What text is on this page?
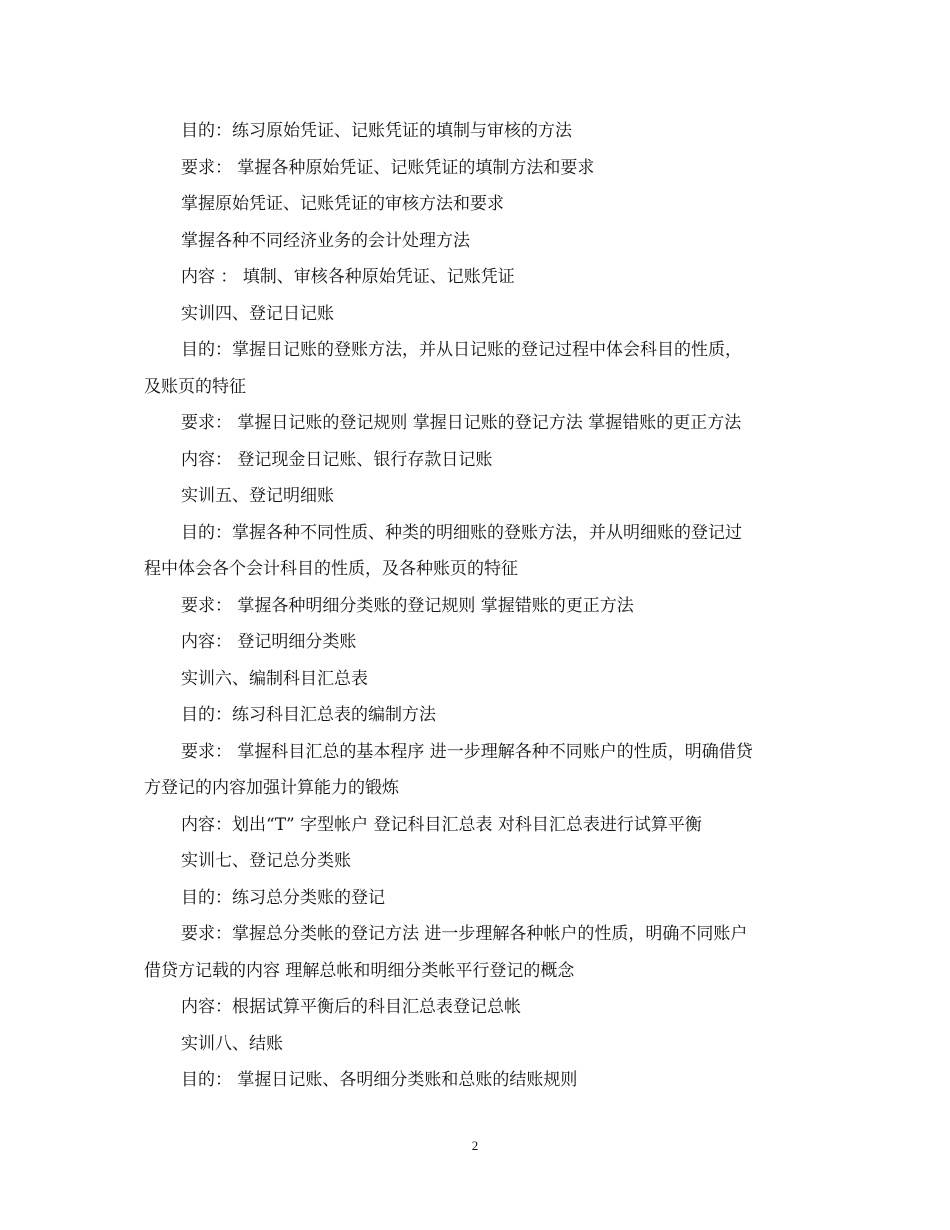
目的：练习原始凭证、记账凭证的填制与审核的方法

要求： 掌握各种原始凭证、记账凭证的填制方法和要求

掌握原始凭证、记账凭证的审核方法和要求

掌握各种不同经济业务的会计处理方法

内容 ： 填制、审核各种原始凭证、记账凭证

实训四、登记日记账

目的：掌握日记账的登账方法，并从日记账的登记过程中体会科目的性质，

及账页的特征

要求： 掌握日记账的登记规则 掌握日记账的登记方法 掌握错账的更正方法

内容： 登记现金日记账、银行存款日记账

实训五、登记明细账

目的：掌握各种不同性质、种类的明细账的登账方法，并从明细账的登记过

程中体会各个会计科目的性质，及各种账页的特征

要求： 掌握各种明细分类账的登记规则 掌握错账的更正方法

内容： 登记明细分类账

实训六、编制科目汇总表

目的：练习科目汇总表的编制方法

要求： 掌握科目汇总的基本程序 进一步理解各种不同账户的性质，明确借贷

方登记的内容加强计算能力的锻炼

内容：划出“T” 字型帐户 登记科目汇总表 对科目汇总表进行试算平衡

实训七、登记总分类账

目的：练习总分类账的登记

要求：掌握总分类帐的登记方法 进一步理解各种帐户的性质，明确不同账户

借贷方记载的内容 理解总帐和明细分类帐平行登记的概念

内容：根据试算平衡后的科目汇总表登记总帐

实训八、结账

目的： 掌握日记账、各明细分类账和总账的结账规则

2
